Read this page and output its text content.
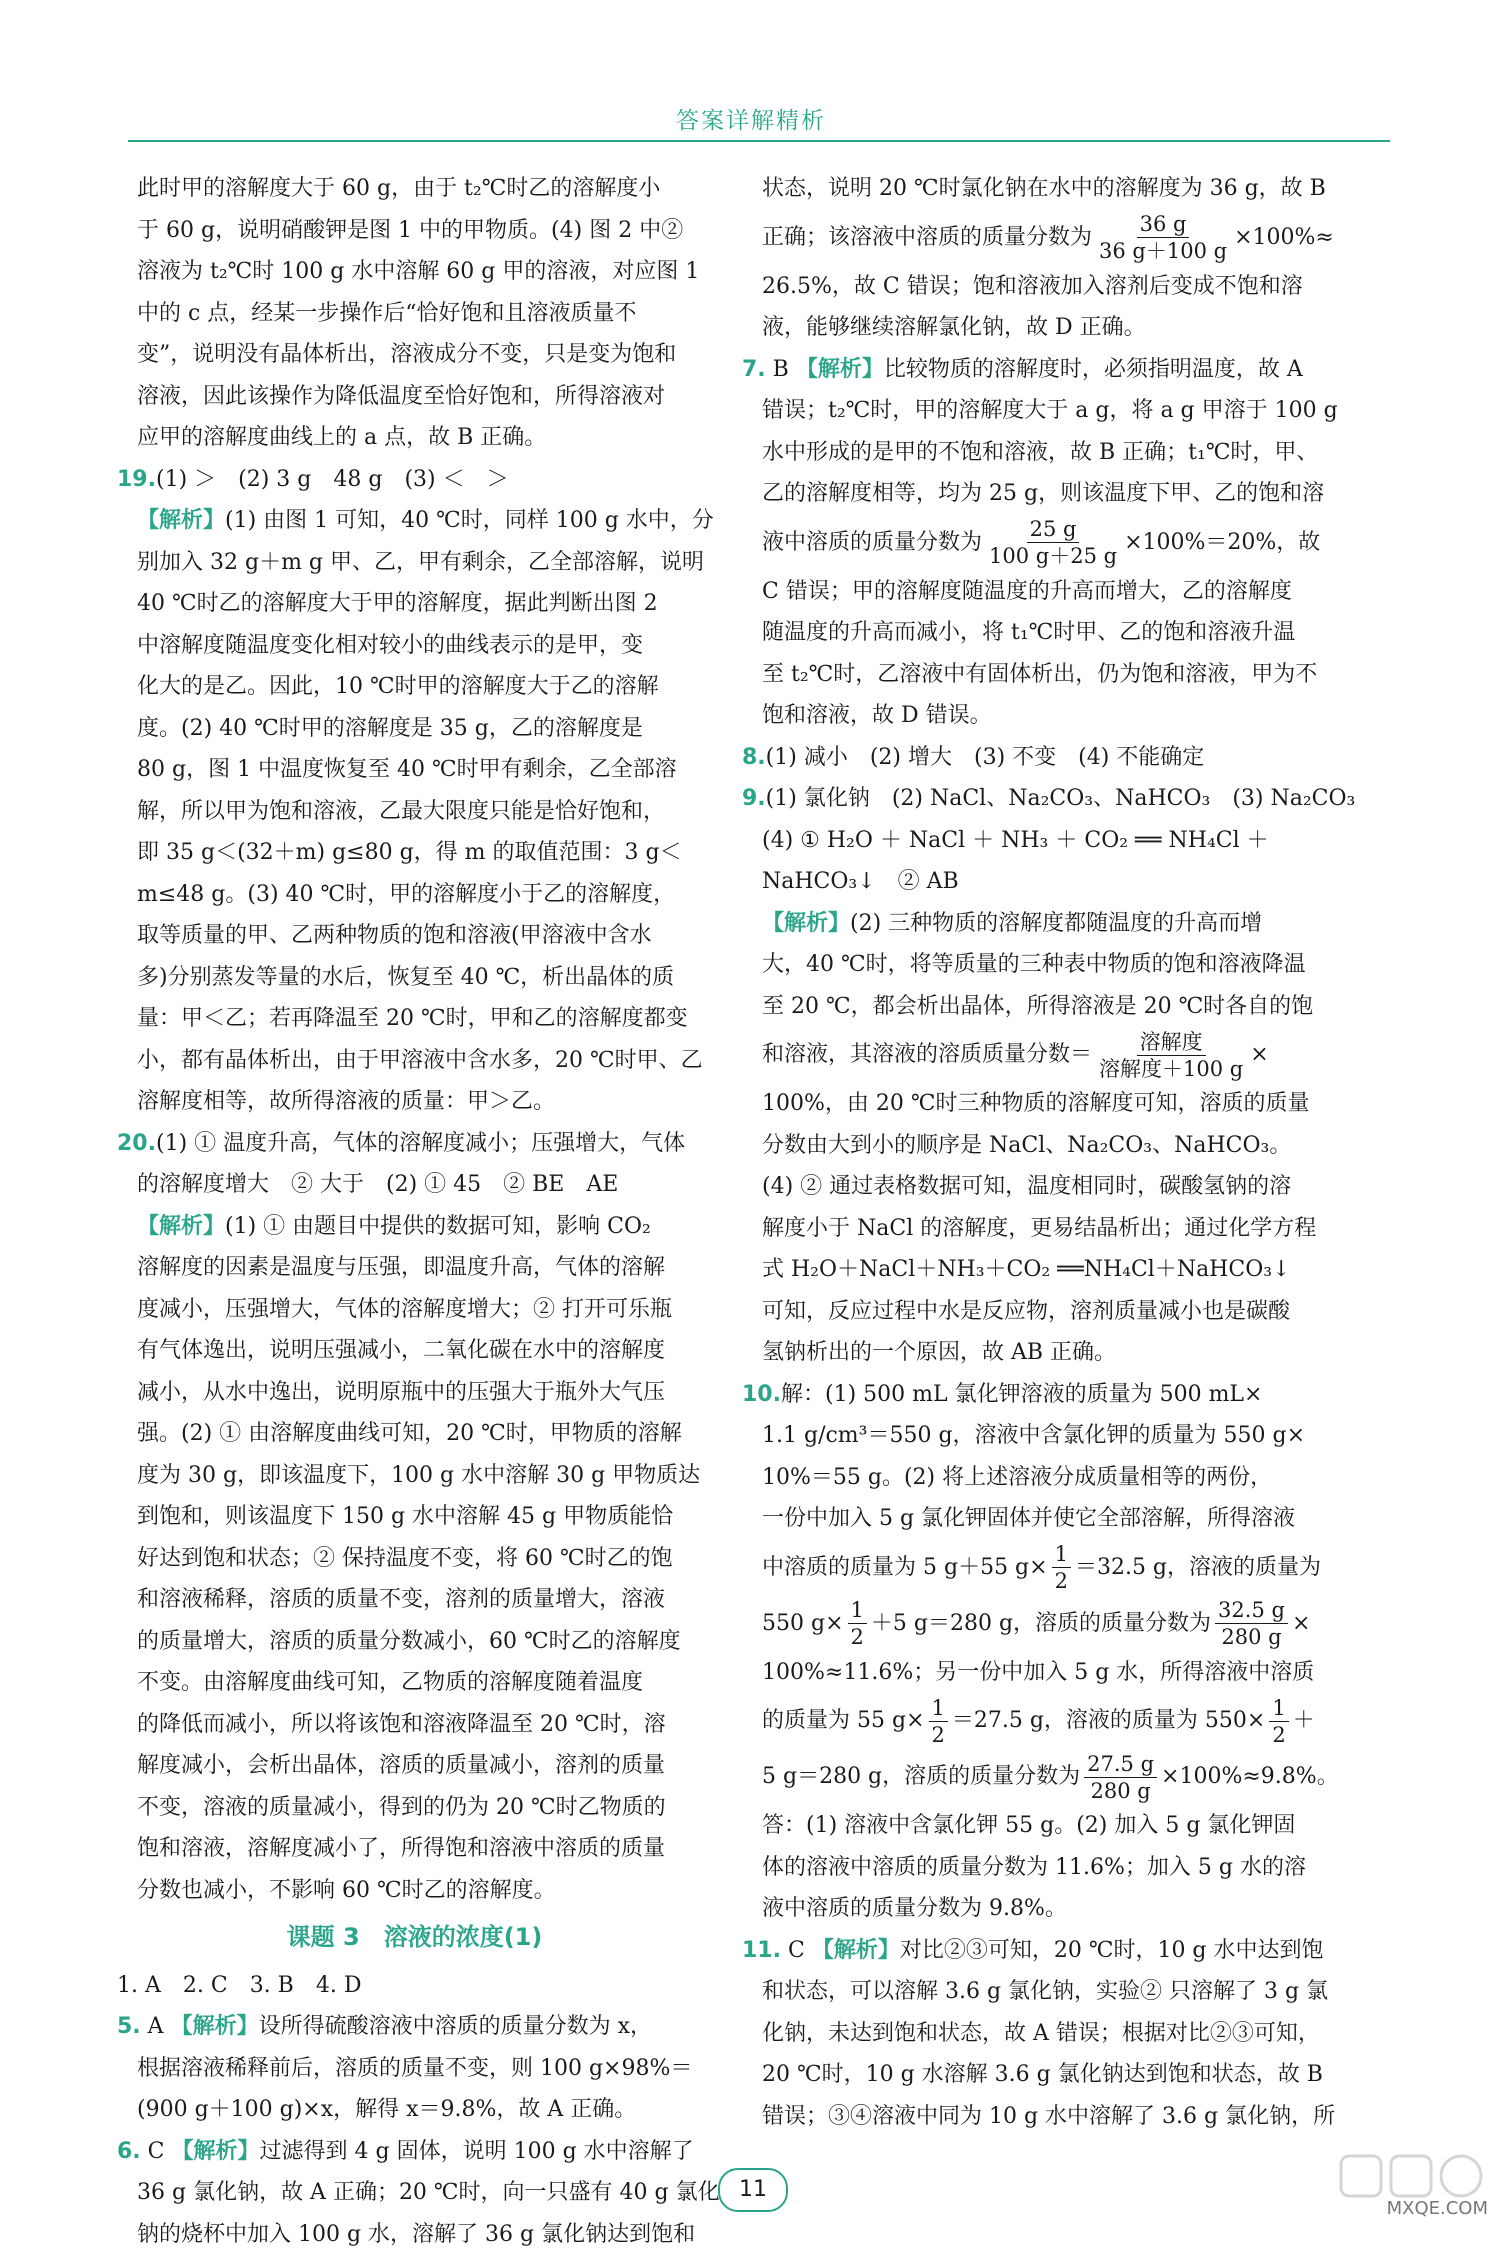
答案详解精析
此时甲的溶解度大于 60 g，由于 t₂℃时乙的溶解度小
于 60 g，说明硝酸钾是图 1 中的甲物质。(4) 图 2 中②
溶液为 t₂℃时 100 g 水中溶解 60 g 甲的溶液，对应图 1
中的 c 点，经某一步操作后“恰好饱和且溶液质量不
变”，说明没有晶体析出，溶液成分不变，只是变为饱和
溶液，因此该操作为降低温度至恰好饱和，所得溶液对
应甲的溶解度曲线上的 a 点，故 B 正确。
19.(1) ＞　(2) 3 g　48 g　(3) ＜　＞
【解析】(1) 由图 1 可知，40 ℃时，同样 100 g 水中，分
别加入 32 g＋m g 甲、乙，甲有剩余，乙全部溶解，说明
40 ℃时乙的溶解度大于甲的溶解度，据此判断出图 2
中溶解度随温度变化相对较小的曲线表示的是甲，变
化大的是乙。因此，10 ℃时甲的溶解度大于乙的溶解
度。(2) 40 ℃时甲的溶解度是 35 g，乙的溶解度是
80 g，图 1 中温度恢复至 40 ℃时甲有剩余，乙全部溶
解，所以甲为饱和溶液，乙最大限度只能是恰好饱和，
即 35 g＜(32＋m) g≤80 g，得 m 的取值范围：3 g＜
m≤48 g。(3) 40 ℃时，甲的溶解度小于乙的溶解度，
取等质量的甲、乙两种物质的饱和溶液(甲溶液中含水
多)分别蒸发等量的水后，恢复至 40 ℃，析出晶体的质
量：甲＜乙；若再降温至 20 ℃时，甲和乙的溶解度都变
小，都有晶体析出，由于甲溶液中含水多，20 ℃时甲、乙
溶解度相等，故所得溶液的质量：甲＞乙。
20.(1) ① 温度升高，气体的溶解度减小；压强增大，气体
的溶解度增大　② 大于　(2) ① 45　② BE　AE
【解析】(1) ① 由题目中提供的数据可知，影响 CO₂
溶解度的因素是温度与压强，即温度升高，气体的溶解
度减小，压强增大，气体的溶解度增大；② 打开可乐瓶
有气体逸出，说明压强减小，二氧化碳在水中的溶解度
减小，从水中逸出，说明原瓶中的压强大于瓶外大气压
强。(2) ① 由溶解度曲线可知，20 ℃时，甲物质的溶解
度为 30 g，即该温度下，100 g 水中溶解 30 g 甲物质达
到饱和，则该温度下 150 g 水中溶解 45 g 甲物质能恰
好达到饱和状态；② 保持温度不变，将 60 ℃时乙的饱
和溶液稀释，溶质的质量不变，溶剂的质量增大，溶液
的质量增大，溶质的质量分数减小，60 ℃时乙的溶解度
不变。由溶解度曲线可知，乙物质的溶解度随着温度
的降低而减小，所以将该饱和溶液降温至 20 ℃时，溶
解度减小，会析出晶体，溶质的质量减小，溶剂的质量
不变，溶液的质量减小，得到的仍为 20 ℃时乙物质的
饱和溶液，溶解度减小了，所得饱和溶液中溶质的质量
分数也减小，不影响 60 ℃时乙的溶解度。
课题 3　溶液的浓度(1)
1. A　2. C　3. B　4. D
5. A 【解析】设所得硫酸溶液中溶质的质量分数为 x，
根据溶液稀释前后，溶质的质量不变，则 100 g×98%＝
(900 g＋100 g)×x，解得 x＝9.8%，故 A 正确。
6. C 【解析】过滤得到 4 g 固体，说明 100 g 水中溶解了
36 g 氯化钠，故 A 正确；20 ℃时，向一只盛有 40 g 氯化
钠的烧杯中加入 100 g 水，溶解了 36 g 氯化钠达到饱和
状态，说明 20 ℃时氯化钠在水中的溶解度为 36 g，故 B
正确；该溶液中溶质的质量分数为 $\frac{36 g}{36 g+100 g} \times 100\%\approx$
26.5%，故 C 错误；饱和溶液加入溶剂后变成不饱和溶
液，能够继续溶解氯化钠，故 D 正确。
7. B 【解析】比较物质的溶解度时，必须指明温度，故 A
错误；t₂℃时，甲的溶解度大于 a g，将 a g 甲溶于 100 g
水中形成的是甲的不饱和溶液，故 B 正确；t₁℃时，甲、
乙的溶解度相等，均为 25 g，则该温度下甲、乙的饱和溶
液中溶质的质量分数为 $\frac{25 g}{100 g+25 g} \times 100\%=20\%$，故
C 错误；甲的溶解度随温度的升高而增大，乙的溶解度
随温度的升高而减小，将 t₁℃时甲、乙的饱和溶液升温
至 t₂℃时，乙溶液中有固体析出，仍为饱和溶液，甲为不
饱和溶液，故 D 错误。
8.(1) 减小　(2) 增大　(3) 不变　(4) 不能确定
9.(1) 氯化钠　(2) NaCl、Na₂CO₃、NaHCO₃　(3) Na₂CO₃
(4) ① H₂O ＋ NaCl ＋ NH₃ ＋ CO₂ ══ NH₄Cl ＋
NaHCO₃↓　② AB
【解析】(2) 三种物质的溶解度都随温度的升高而增
大，40 ℃时，将等质量的三种表中物质的饱和溶液降温
至 20 ℃，都会析出晶体，所得溶液是 20 ℃时各自的饱
和溶液，其溶液的溶质质量分数＝ $\frac{\text{溶解度}}{\text{溶解度＋100 g}}$ ×
100%，由 20 ℃时三种物质的溶解度可知，溶质的质量
分数由大到小的顺序是 NaCl、Na₂CO₃、NaHCO₃。
(4) ② 通过表格数据可知，温度相同时，碳酸氢钠的溶
解度小于 NaCl 的溶解度，更易结晶析出；通过化学方程
式 H₂O＋NaCl＋NH₃＋CO₂ ══NH₄Cl＋NaHCO₃↓
可知，反应过程中水是反应物，溶剂质量减小也是碳酸
氢钠析出的一个原因，故 AB 正确。
10.解：(1) 500 mL 氯化钾溶液的质量为 500 mL×
1.1 g/cm³＝550 g，溶液中含氯化钾的质量为 550 g×
10%＝55 g。(2) 将上述溶液分成质量相等的两份，
一份中加入 5 g 氯化钾固体并使它全部溶解，所得溶液
中溶质的质量为 5 g＋55 $g\times \frac{1}{2} =32.5$ g，溶液的质量为
550 $g\times \frac{1}{2} +5$ g＝280 g，溶质的质量分数为 $\frac{32.5 g}{280 g}$ ×
100%≈11.6%；另一份中加入 5 g 水，所得溶液中溶质
的质量为 55 $g\times \frac{1}{2} =27.5$ g，溶液的质量为 $550\times \frac{1}{2}$ ＋
5 g＝280 g，溶质的质量分数为 $\frac{27.5 g}{280 g} \times 100\%\approx 9.8\%$。
答：(1) 溶液中含氯化钾 55 g。(2) 加入 5 g 氯化钾固
体的溶液中溶质的质量分数为 11.6%；加入 5 g 水的溶
液中溶质的质量分数为 9.8%。
11. C 【解析】对比②③可知，20 ℃时，10 g 水中达到饱
和状态，可以溶解 3.6 g 氯化钠，实验② 只溶解了 3 g 氯
化钠，未达到饱和状态，故 A 错误；根据对比②③可知，
20 ℃时，10 g 水溶解 3.6 g 氯化钠达到饱和状态，故 B
错误；③④溶液中同为 10 g 水中溶解了 3.6 g 氯化钠，所
11
MXQE.COM
